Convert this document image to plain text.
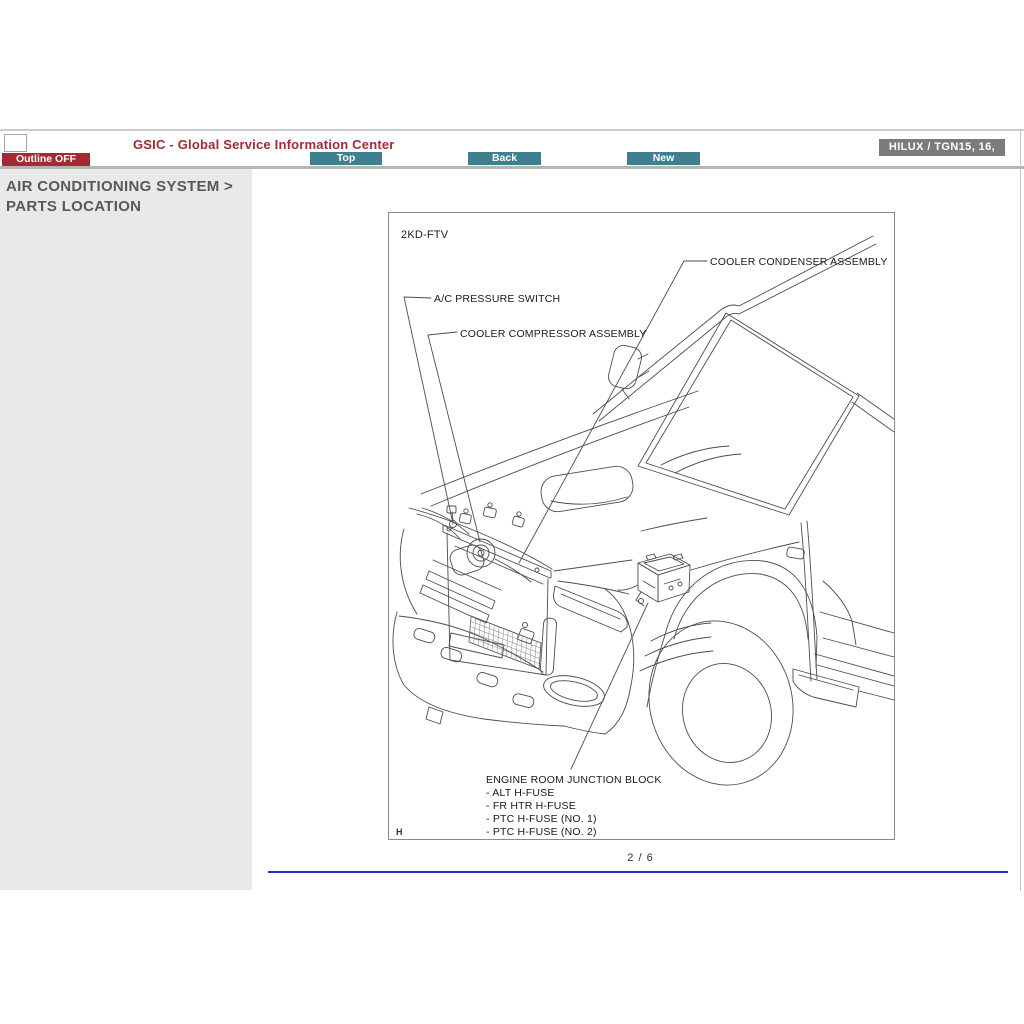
GSIC - Global Service Information Center	HILUX / TGN15, 16,
Outline OFF	Top	Back	New
AIR CONDITIONING SYSTEM >
PARTS LOCATION
2KD-FTV
COOLER CONDENSER ASSEMBLY
A/C PRESSURE SWITCH
COOLER COMPRESSOR ASSEMBLY
ENGINE ROOM JUNCTION BLOCK
- ALT H-FUSE
- FR HTR H-FUSE
- PTC H-FUSE (NO. 1)
- PTC H-FUSE (NO. 2)
H
2 / 6
